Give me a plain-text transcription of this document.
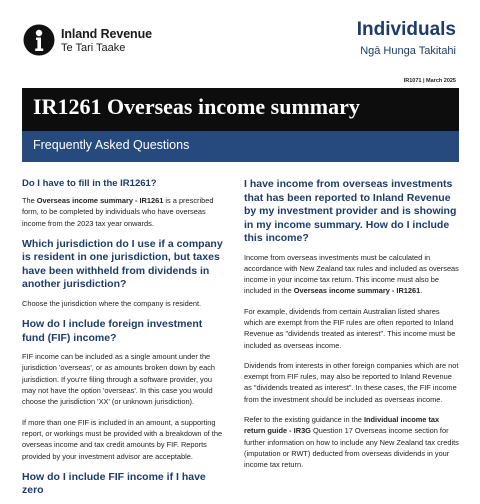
Inland Revenue
Te Tari Taake
Individuals
Ngā Hunga Takitahi
IR1071 | March 2025
IR1261 Overseas income summary
Frequently Asked Questions
Do I have to fill in the IR1261?
The Overseas income summary - IR1261 is a prescribed form, to be completed by individuals who have overseas income from the 2023 tax year onwards.
Which jurisdiction do I use if a company is resident in one jurisdiction, but taxes have been withheld from dividends in another jurisdiction?
Choose the jurisdiction where the company is resident.
How do I include foreign investment fund (FIF) income?
FIF income can be included as a single amount under the jurisdiction 'overseas', or as amounts broken down by each jurisdiction. If you're filing through a software provider, you may not have the option 'overseas'. In this case you would choose the jurisdiction 'XX' (or unknown jurisdiction).
If more than one FIF is included in an amount, a supporting report, or workings must be provided with a breakdown of the overseas income and tax credit amounts by FIF. Reports provided by your investment advisor are acceptable.
How do I include FIF income if I have zero
I have income from overseas investments that has been reported to Inland Revenue by my investment provider and is showing in my income summary. How do I include this income?
Income from overseas investments must be calculated in accordance with New Zealand tax rules and included as overseas income in your income tax return. This income must also be included in the Overseas income summary - IR1261.
For example, dividends from certain Australian listed shares which are exempt from the FIF rules are often reported to Inland Revenue as "dividends treated as interest". This income must be included as overseas income.
Dividends from interests in other foreign companies which are not exempt from FIF rules, may also be reported to Inland Revenue as "dividends treated as interest". In these cases, the FIF income from the investment should be included as overseas income.
Refer to the existing guidance in the Individual income tax return guide - IR3G Question 17 Overseas income section for further information on how to include any New Zealand tax credits (imputation or RWT) deducted from overseas dividends in your income tax return.
